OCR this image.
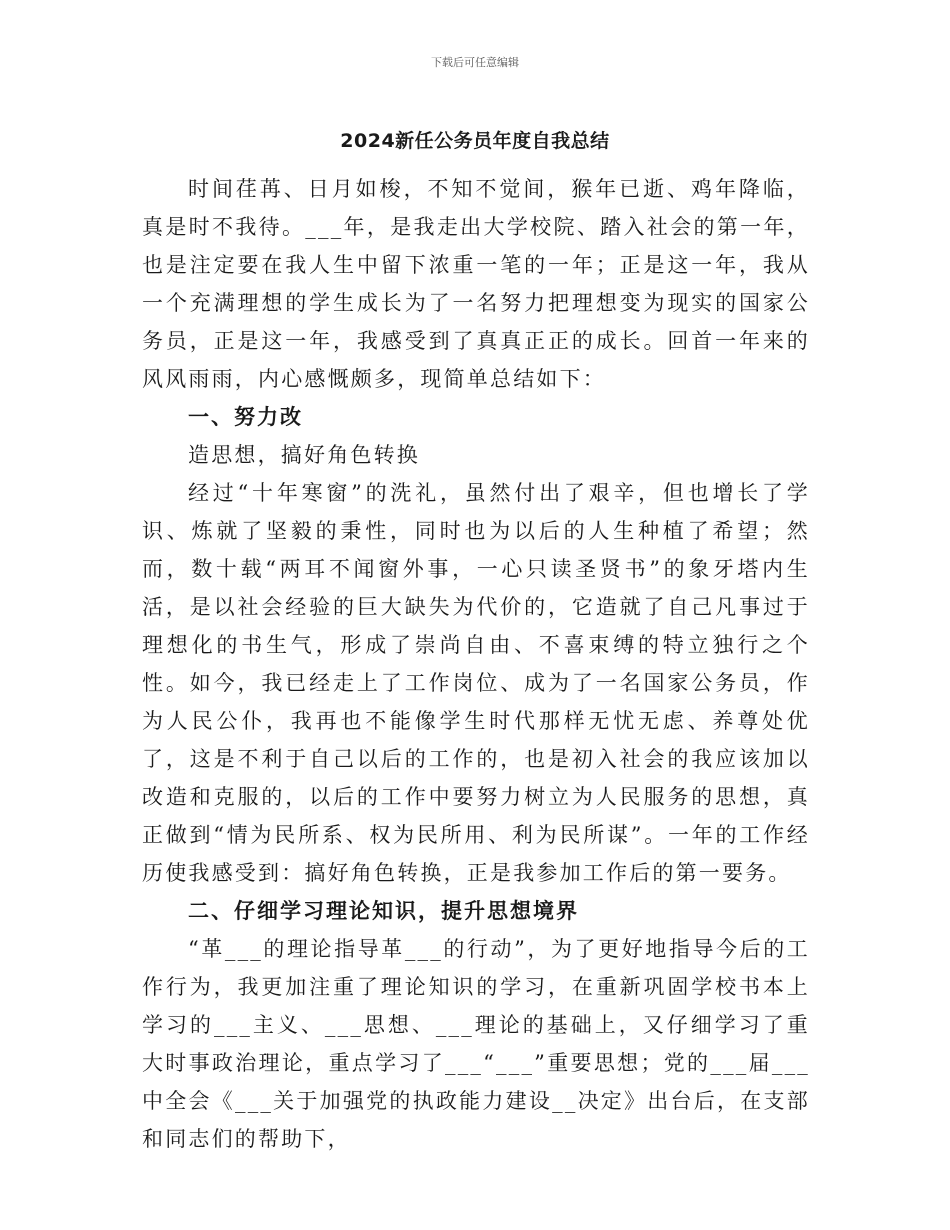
下载后可任意编辑
2024新任公务员年度自我总结

时间荏苒、日月如梭，不知不觉间，猴年已逝、鸡年降临，真是时不我待。___年，是我走出大学校院、踏入社会的第一年，也是注定要在我人生中留下浓重一笔的一年；正是这一年，我从一个充满理想的学生成长为了一名努力把理想变为现实的国家公务员，正是这一年，我感受到了真真正正的成长。回首一年来的风风雨雨，内心感慨颇多，现简单总结如下：

一、努力改

造思想，搞好角色转换

经过“十年寒窗”的洗礼，虽然付出了艰辛，但也增长了学识、炼就了坚毅的秉性，同时也为以后的人生种植了希望；然而，数十载“两耳不闻窗外事，一心只读圣贤书”的象牙塔内生活，是以社会经验的巨大缺失为代价的，它造就了自己凡事过于理想化的书生气，形成了崇尚自由、不喜束缚的特立独行之个性。如今，我已经走上了工作岗位、成为了一名国家公务员，作为人民公仆，我再也不能像学生时代那样无忧无虑、养尊处优了，这是不利于自己以后的工作的，也是初入社会的我应该加以改造和克服的，以后的工作中要努力树立为人民服务的思想，真正做到“情为民所系、权为民所用、利为民所谋”。一年的工作经历使我感受到：搞好角色转换，正是我参加工作后的第一要务。

二、仔细学习理论知识，提升思想境界

“革___的理论指导革___的行动”，为了更好地指导今后的工作行为，我更加注重了理论知识的学习，在重新巩固学校书本上学习的___主义、___思想、___理论的基础上，又仔细学习了重大时事政治理论，重点学习了___“___”重要思想；党的___届___中全会《___关于加强党的执政能力建设__决定》出台后，在支部和同志们的帮助下，
